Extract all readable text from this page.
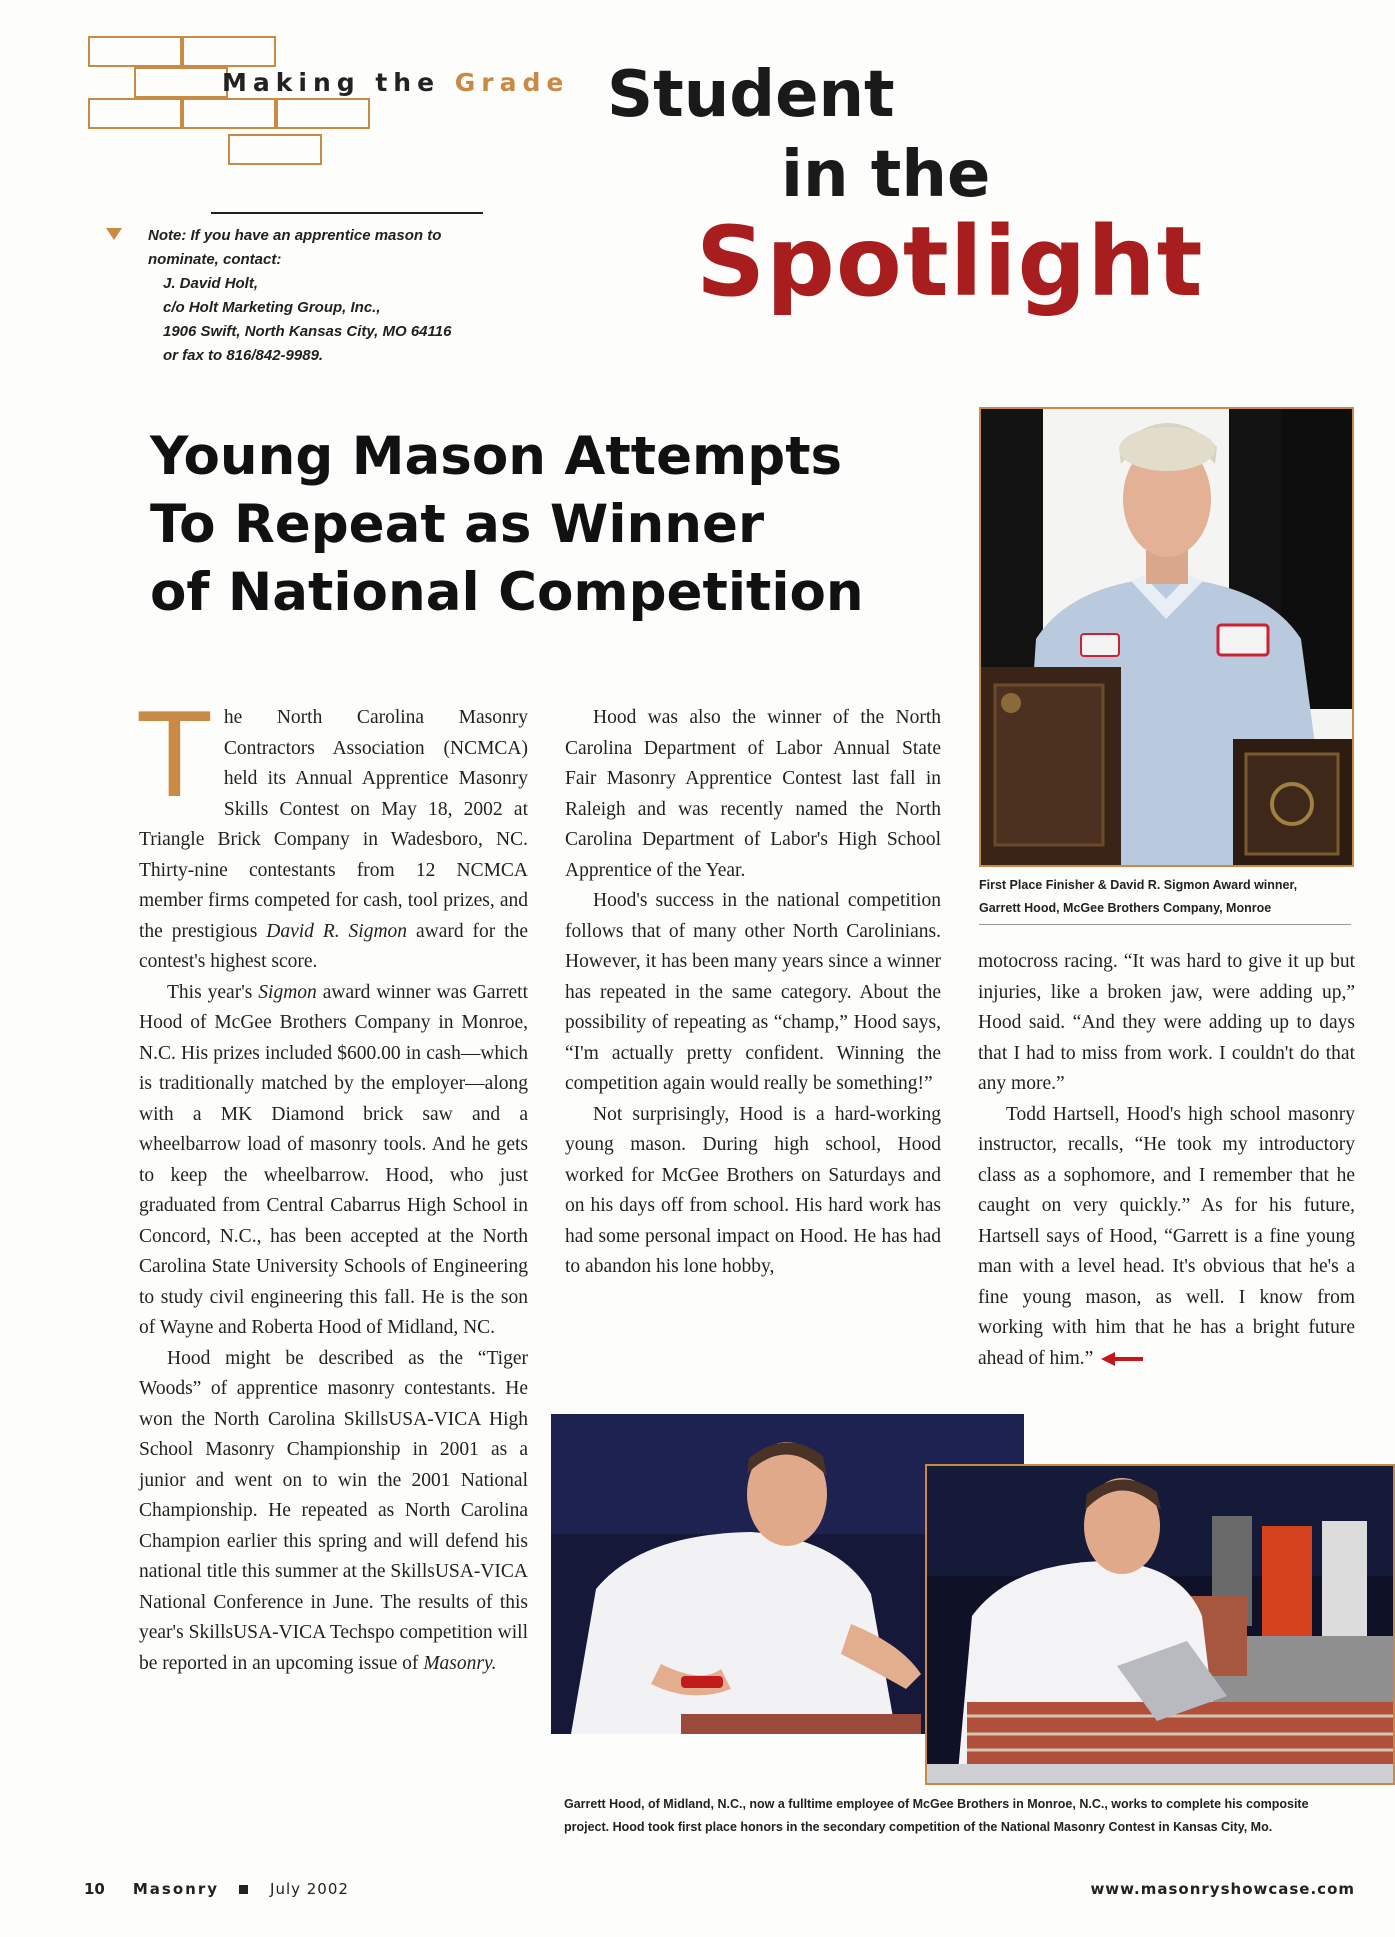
Making the Grade Student
in the
Spotlight
Note: If you have an apprentice mason to
nominate, contact:
J. David Holt,
c/o Holt Marketing Group, Inc.,
1906 Swift, North Kansas City, MO 64116
or fax to 816/842-9989.
Young Mason Attempts
To Repeat as Winner
of National Competition

The North Carolina Masonry Contractors Association (NCMCA) held its Annual Apprentice Masonry Skills Contest on May 18, 2002 at Triangle Brick Company in Wadesboro, NC. Thirty-nine contestants from 12 NCMCA member firms competed for cash, tool prizes, and the prestigious David R. Sigmon award for the contest's highest score.

This year's Sigmon award winner was Garrett Hood of McGee Brothers Company in Monroe, N.C. His prizes included $600.00 in cash—which is traditionally matched by the employer—along with a MK Diamond brick saw and a wheelbarrow load of masonry tools. And he gets to keep the wheelbarrow. Hood, who just graduated from Central Cabarrus High School in Concord, N.C., has been accepted at the North Carolina State University Schools of Engineering to study civil engineering this fall. He is the son of Wayne and Roberta Hood of Midland, NC.

Hood might be described as the “Tiger Woods” of apprentice masonry contestants. He won the North Carolina SkillsUSA-VICA High School Masonry Championship in 2001 as a junior and went on to win the 2001 National Championship. He repeated as North Carolina Champion earlier this spring and will defend his national title this summer at the SkillsUSA-VICA National Conference in June. The results of this year's SkillsUSA-VICA Techspo competition will be reported in an upcoming issue of Masonry.

Hood was also the winner of the North Carolina Department of Labor Annual State Fair Masonry Apprentice Contest last fall in Raleigh and was recently named the North Carolina Department of Labor's High School Apprentice of the Year.

Hood's success in the national competition follows that of many other North Carolinians. However, it has been many years since a winner has repeated in the same category. About the possibility of repeating as “champ,” Hood says, “I'm actually pretty confident. Winning the competition again would really be something!”

Not surprisingly, Hood is a hard-working young mason. During high school, Hood worked for McGee Brothers on Saturdays and on his days off from school. His hard work has had some personal impact on Hood. He has had to abandon his lone hobby,

motocross racing. “It was hard to give it up but injuries, like a broken jaw, were adding up,” Hood said. “And they were adding up to days that I had to miss from work. I couldn't do that any more.”

Todd Hartsell, Hood's high school masonry instructor, recalls, “He took my introductory class as a sophomore, and I remember that he caught on very quickly.” As for his future, Hartsell says of Hood, “Garrett is a fine young man with a level head. It's obvious that he's a fine young mason, as well. I know from working with him that he has a bright future ahead of him.”

First Place Finisher & David R. Sigmon Award winner,
Garrett Hood, McGee Brothers Company, Monroe
Garrett Hood, of Midland, N.C., now a fulltime employee of McGee Brothers in Monroe, N.C., works to complete his composite
project. Hood took first place honors in the secondary competition of the National Masonry Contest in Kansas City, Mo.
10 Masonry	July 2002	www.masonryshowcase.com
